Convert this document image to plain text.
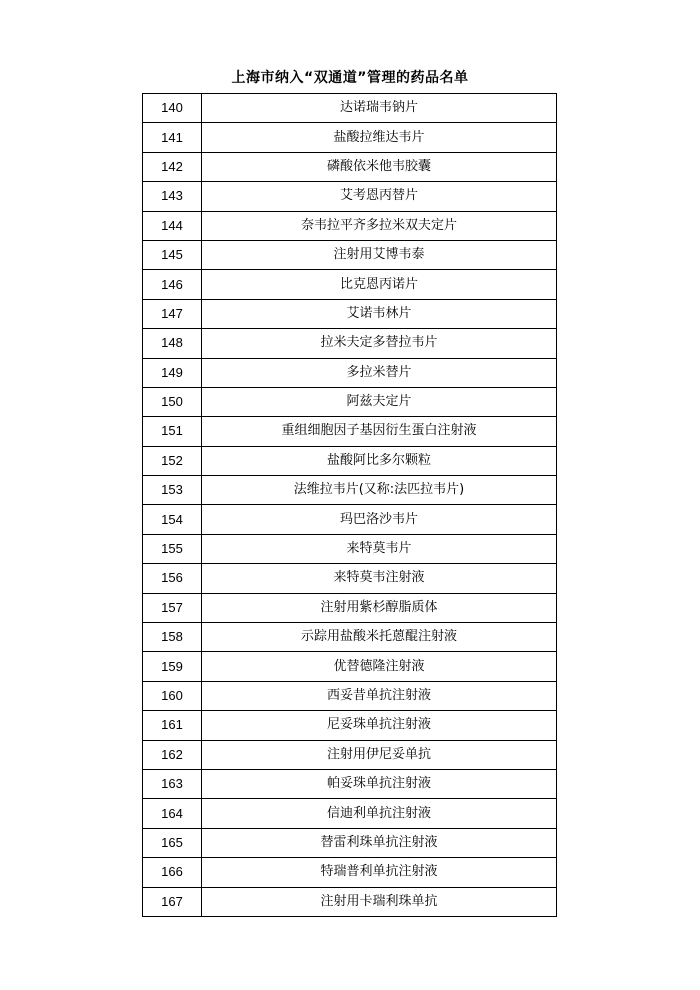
上海市纳入“双通道”管理的药品名单
140	达诺瑞韦钠片
141	盐酸拉维达韦片
142	磷酸依米他韦胶囊
143	艾考恩丙替片
144	奈韦拉平齐多拉米双夫定片
145	注射用艾博韦泰
146	比克恩丙诺片
147	艾诺韦林片
148	拉米夫定多替拉韦片
149	多拉米替片
150	阿兹夫定片
151	重组细胞因子基因衍生蛋白注射液
152	盐酸阿比多尔颗粒
153	法维拉韦片(又称:法匹拉韦片)
154	玛巴洛沙韦片
155	来特莫韦片
156	来特莫韦注射液
157	注射用紫杉醇脂质体
158	示踪用盐酸米托蒽醌注射液
159	优替德隆注射液
160	西妥昔单抗注射液
161	尼妥珠单抗注射液
162	注射用伊尼妥单抗
163	帕妥珠单抗注射液
164	信迪利单抗注射液
165	替雷利珠单抗注射液
166	特瑞普利单抗注射液
167	注射用卡瑞利珠单抗
